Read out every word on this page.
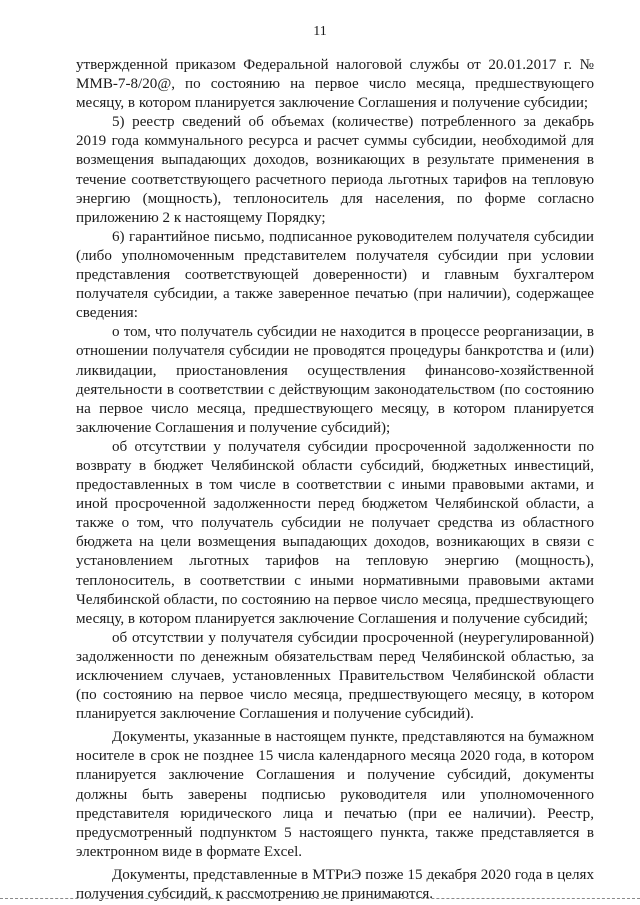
11

утвержденной приказом Федеральной налоговой службы от 20.01.2017 г. № ММВ-7-8/20@, по состоянию на первое число месяца, предшествующего месяцу, в котором планируется заключение Соглашения и получение субсидии;

5) реестр сведений об объемах (количестве) потребленного за декабрь 2019 года коммунального ресурса и расчет суммы субсидии, необходимой для возмещения выпадающих доходов, возникающих в результате применения в течение соответствующего расчетного периода льготных тарифов на тепловую энергию (мощность), теплоноситель для населения, по форме согласно приложению 2 к настоящему Порядку;

6) гарантийное письмо, подписанное руководителем получателя субсидии (либо уполномоченным представителем получателя субсидии при условии представления соответствующей доверенности) и главным бухгалтером получателя субсидии, а также заверенное печатью (при наличии), содержащее сведения:

о том, что получатель субсидии не находится в процессе реорганизации, в отношении получателя субсидии не проводятся процедуры банкротства и (или) ликвидации, приостановления осуществления финансово-хозяйственной деятельности в соответствии с действующим законодательством (по состоянию на первое число месяца, предшествующего месяцу, в котором планируется заключение Соглашения и получение субсидий);

об отсутствии у получателя субсидии просроченной задолженности по возврату в бюджет Челябинской области субсидий, бюджетных инвестиций, предоставленных в том числе в соответствии с иными правовыми актами, и иной просроченной задолженности перед бюджетом Челябинской области, а также о том, что получатель субсидии не получает средства из областного бюджета на цели возмещения выпадающих доходов, возникающих в связи с установлением льготных тарифов на тепловую энергию (мощность), теплоноситель, в соответствии с иными нормативными правовыми актами Челябинской области, по состоянию на первое число месяца, предшествующего месяцу, в котором планируется заключение Соглашения и получение субсидий;

об отсутствии у получателя субсидии просроченной (неурегулированной) задолженности по денежным обязательствам перед Челябинской областью, за исключением случаев, установленных Правительством Челябинской области (по состоянию на первое число месяца, предшествующего месяцу, в котором планируется заключение Соглашения и получение субсидий).

Документы, указанные в настоящем пункте, представляются на бумажном носителе в срок не позднее 15 числа календарного месяца 2020 года, в котором планируется заключение Соглашения и получение субсидий, документы должны быть заверены подписью руководителя или уполномоченного представителя юридического лица и печатью (при ее наличии). Реестр, предусмотренный подпунктом 5 настоящего пункта, также представляется в электронном виде в формате Excel.

Документы, представленные в МТРиЭ позже 15 декабря 2020 года в целях получения субсидий, к рассмотрению не принимаются.
